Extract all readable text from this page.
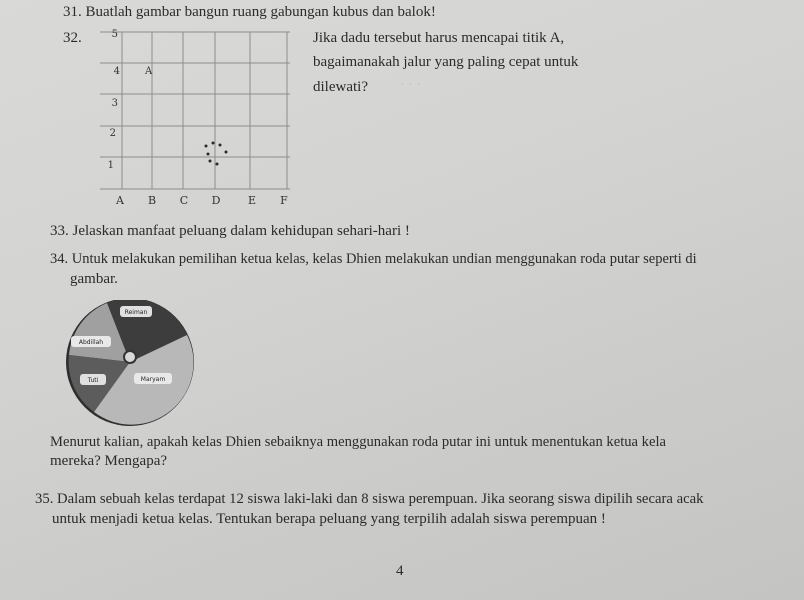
· · ·
31. Buatlah gambar bangun ruang gabungan kubus dan balok!
32.	Jika dadu tersebut harus mencapai titik A,
bagaimanakah jalur yang paling cepat untuk
dilewati?
5
4
3
2
1
A
A B C D	E F
33. Jelaskan manfaat peluang dalam kehidupan sehari-hari !
34. Untuk melakukan pemilihan ketua kelas, kelas Dhien melakukan undian menggunakan roda putar seperti di
gambar.
Reiman
Abdillah
Tuti	Maryam
Menurut kalian, apakah kelas Dhien sebaiknya menggunakan roda putar ini untuk menentukan ketua kela
mereka? Mengapa?
35. Dalam sebuah kelas terdapat 12 siswa laki-laki dan 8 siswa perempuan. Jika seorang siswa dipilih secara acak
untuk menjadi ketua kelas. Tentukan berapa peluang yang terpilih adalah siswa perempuan !
4
